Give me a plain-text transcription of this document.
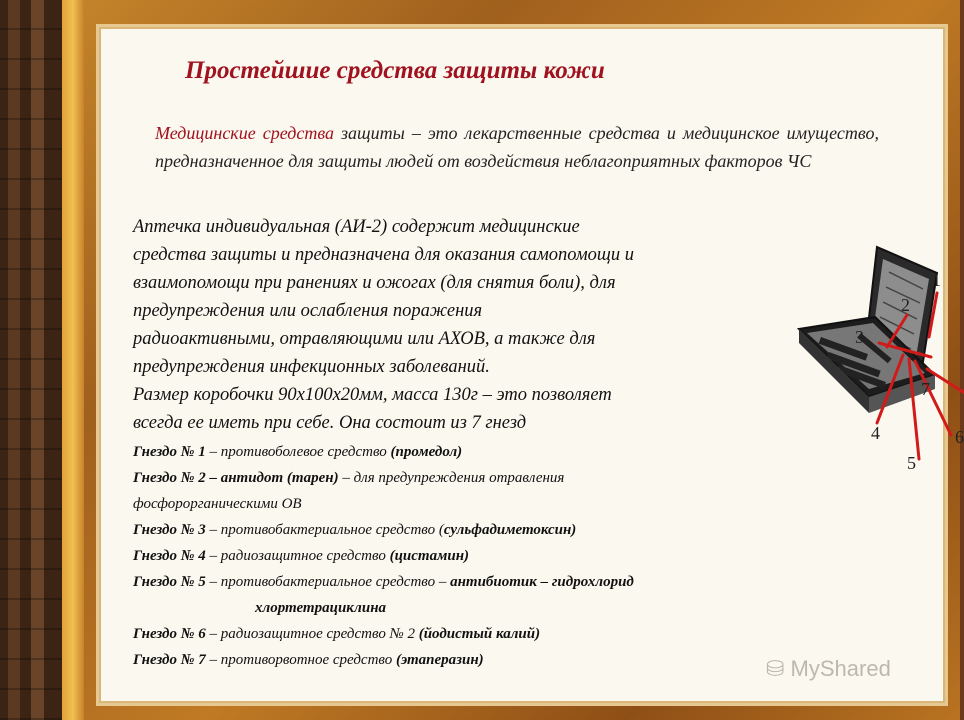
Простейшие средства защиты кожи
Медицинские средства защиты – это лекарственные средства и медицинское имущество, предназначенное для защиты людей от воздействия неблагоприятных факторов ЧС
Аптечка индивидуальная (АИ-2) содержит медицинские
средства защиты и предназначена для оказания самопомощи и
взаимопомощи при ранениях и ожогах (для снятия боли), для
предупреждения или ослабления поражения
радиоактивными, отравляющими или АХОВ, а также для
предупреждения инфекционных заболеваний.
Размер коробочки 90х100х20мм, масса 130г – это позволяет
всегда ее иметь при себе. Она состоит из 7 гнезд
Гнездо № 1 – противоболевое средство (промедол)
Гнездо № 2 – антидот (тарен) – для предупреждения отравления
фосфорорганическими ОВ
Гнездо № 3 – противобактериальное средство (сульфадиметоксин)
Гнездо № 4 – радиозащитное средство (цистамин)
Гнездо № 5 – противобактериальное средство – антибиотик – гидрохлорид
хлортетрациклина
Гнездо № 6 – радиозащитное средство № 2 (йодистый калий)
Гнездо № 7 – противорвотное средство (этаперазин)
1
2
3
4
5
6
7
⛁ MyShared
